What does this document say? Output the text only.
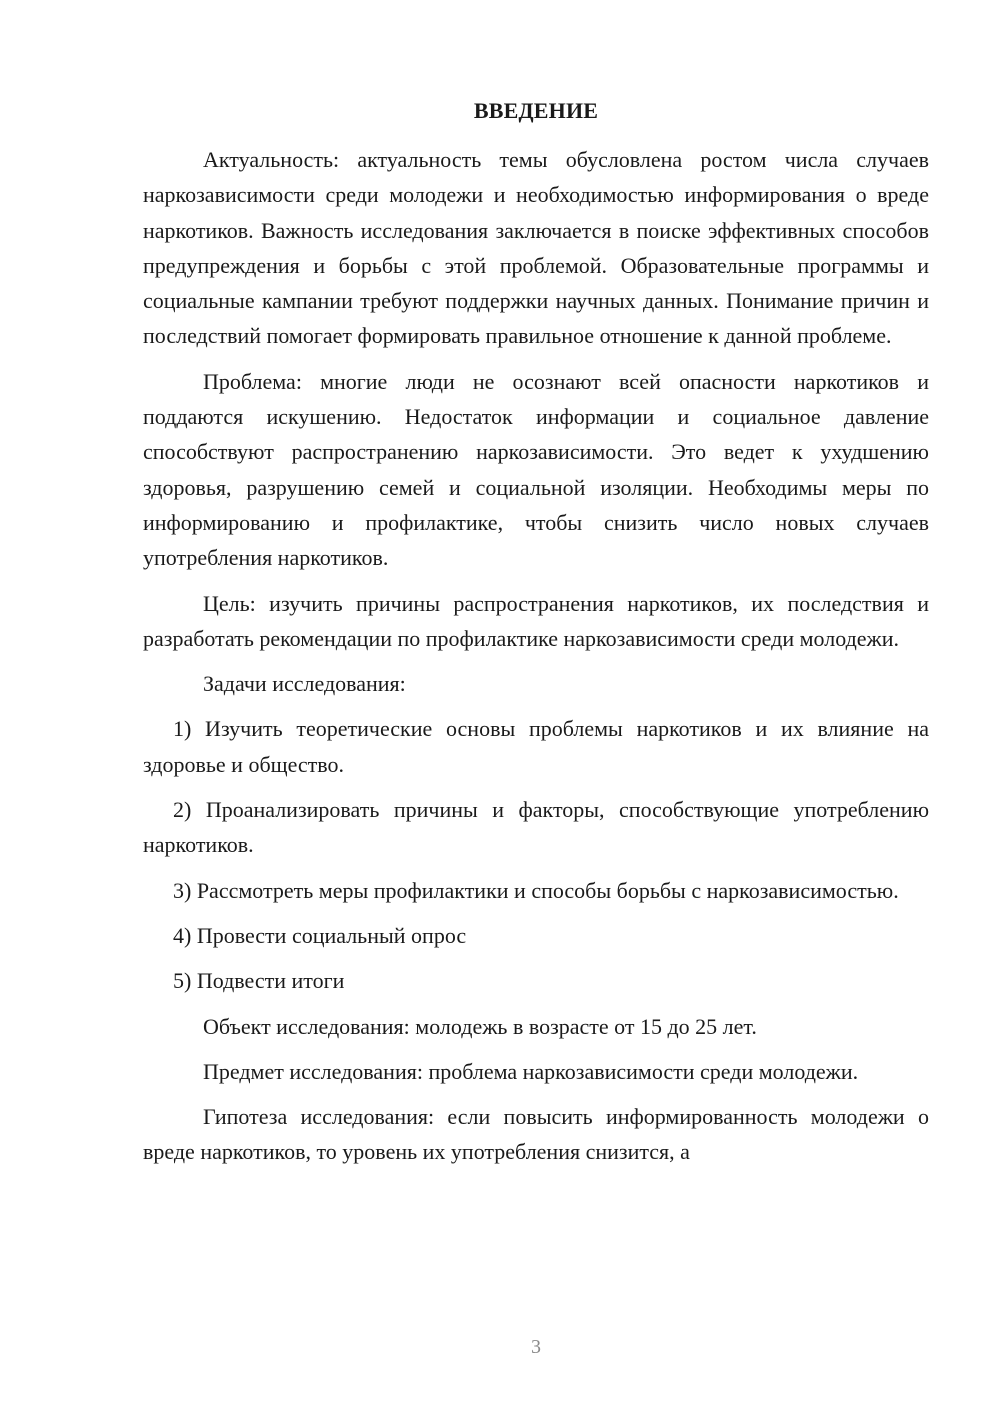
ВВЕДЕНИЕ

Актуальность: актуальность темы обусловлена ростом числа случаев наркозависимости среди молодежи и необходимостью информирования о вреде наркотиков. Важность исследования заключается в поиске эффективных способов предупреждения и борьбы с этой проблемой. Образовательные программы и социальные кампании требуют поддержки научных данных. Понимание причин и последствий помогает формировать правильное отношение к данной проблеме.

Проблема: многие люди не осознают всей опасности наркотиков и поддаются искушению. Недостаток информации и социальное давление способствуют распространению наркозависимости. Это ведет к ухудшению здоровья, разрушению семей и социальной изоляции. Необходимы меры по информированию и профилактике, чтобы снизить число новых случаев употребления наркотиков.

Цель: изучить причины распространения наркотиков, их последствия и разработать рекомендации по профилактике наркозависимости среди молодежи.

Задачи исследования:

1) Изучить теоретические основы проблемы наркотиков и их влияние на здоровье и общество.

2) Проанализировать причины и факторы, способствующие употреблению наркотиков.

3) Рассмотреть меры профилактики и способы борьбы с наркозависимостью.

4) Провести социальный опрос

5) Подвести итоги

Объект исследования: молодежь в возрасте от 15 до 25 лет.

Предмет исследования: проблема наркозависимости среди молодежи.

Гипотеза исследования: если повысить информированность молодежи о вреде наркотиков, то уровень их употребления снизится, а

3
